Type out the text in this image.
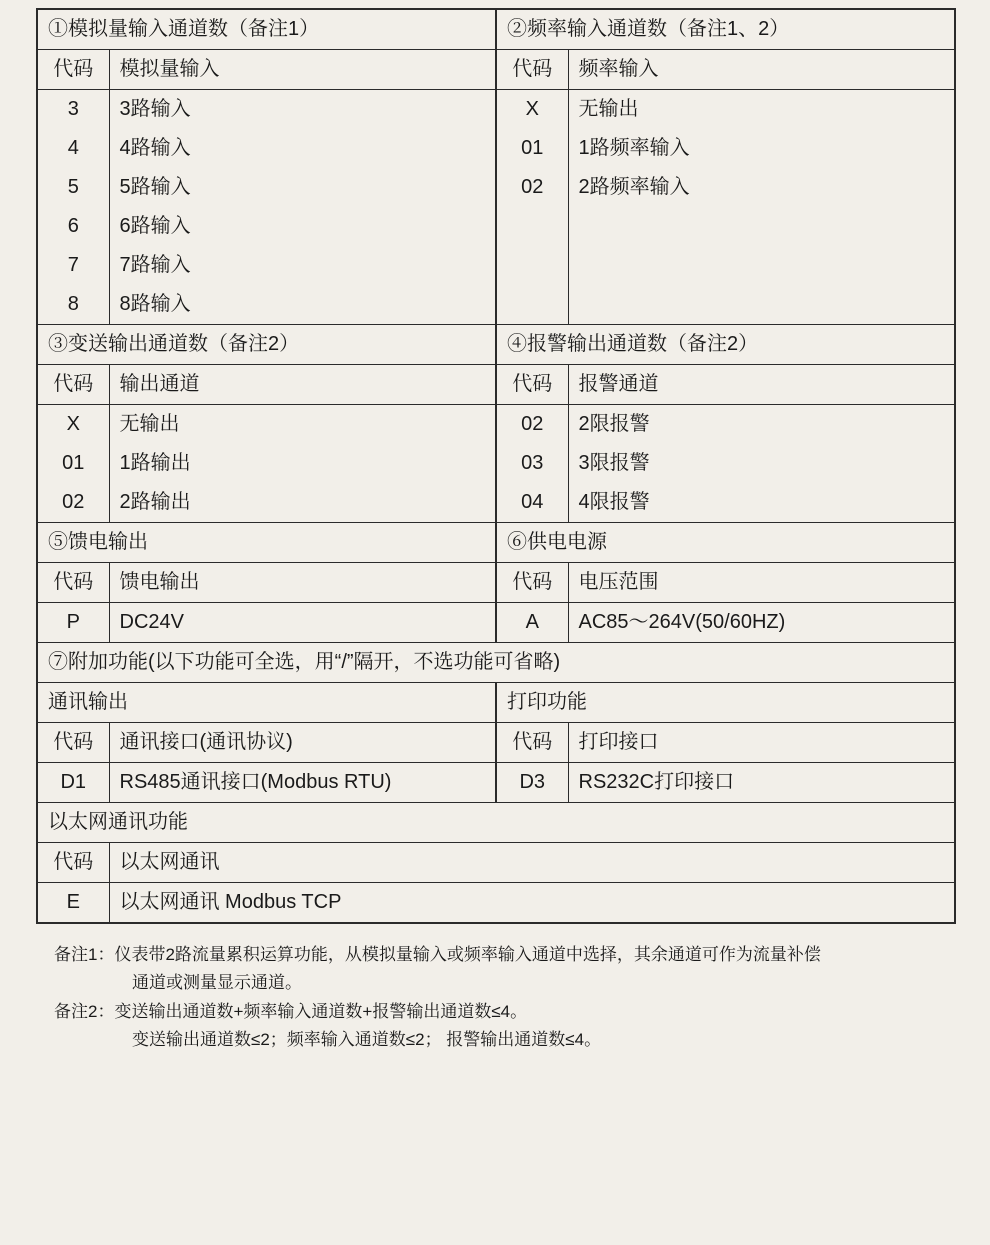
①模拟量输入通道数（备注1）		②频率输入通道数（备注1、2）	
代码	模拟量输入	代码	频率输入
3	3路输入	X	无输出
4	4路输入	01	1路频率输入
5	5路输入	02	2路频率输入
6	6路输入		
7	7路输入		
8	8路输入		
③变送输出通道数（备注2）		④报警输出通道数（备注2）	
代码	输出通道	代码	报警通道
X	无输出	02	2限报警
01	1路输出	03	3限报警
02	2路输出	04	4限报警
⑤馈电输出		⑥供电电源	
代码	馈电输出	代码	电压范围
P	DC24V	A	AC85～264V(50/60HZ)
⑦附加功能(以下功能可全选，用“/”隔开，不选功能可省略)			
通讯输出		打印功能	
代码	通讯接口(通讯协议)	代码	打印接口
D1	RS485通讯接口(Modbus RTU)	D3	RS232C打印接口
以太网通讯功能			
代码	以太网通讯		
E	以太网通讯 Modbus TCP		
备注1： 仪表带2路流量累积运算功能，从模拟量输入或频率输入通道中选择，其余通道可作为流量补偿
通道或测量显示通道。
备注2： 变送输出通道数+频率输入通道数+报警输出通道数≤4。
变送输出通道数≤2；频率输入通道数≤2； 报警输出通道数≤4。
